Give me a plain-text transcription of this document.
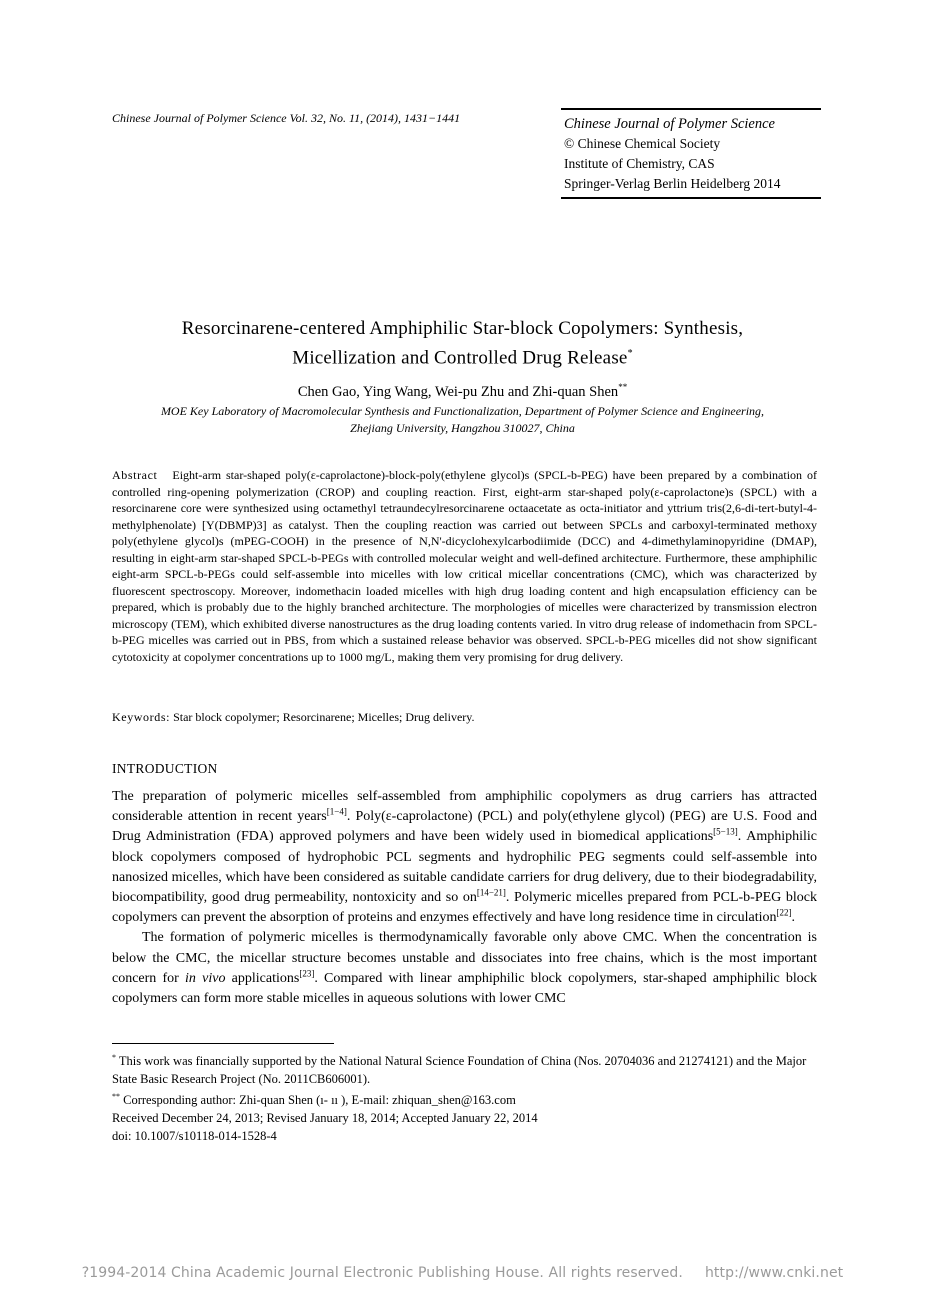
Chinese Journal of Polymer Science Vol. 32, No. 11, (2014), 1431−1441	Chinese Journal of Polymer Science
© Chinese Chemical Society
Institute of Chemistry, CAS
Springer-Verlag Berlin Heidelberg 2014
Resorcinarene-centered Amphiphilic Star-block Copolymers: Synthesis,
Micellization and Controlled Drug Release*
Chen Gao, Ying Wang, Wei-pu Zhu and Zhi-quan Shen**
MOE Key Laboratory of Macromolecular Synthesis and Functionalization, Department of Polymer Science and Engineering,
Zhejiang University, Hangzhou 310027, China
Abstract Eight-arm star-shaped poly(ε-caprolactone)-block-poly(ethylene glycol)s (SPCL-b-PEG) have been prepared by a combination of controlled ring-opening polymerization (CROP) and coupling reaction. First, eight-arm star-shaped poly(ε-caprolactone)s (SPCL) with a resorcinarene core were synthesized using octamethyl tetraundecylresorcinarene octaacetate as octa-initiator and yttrium tris(2,6-di-tert-butyl-4-methylphenolate) [Y(DBMP)3] as catalyst. Then the coupling reaction was carried out between SPCLs and carboxyl-terminated methoxy poly(ethylene glycol)s (mPEG-COOH) in the presence of N,N'-dicyclohexylcarbodiimide (DCC) and 4-dimethylaminopyridine (DMAP), resulting in eight-arm star-shaped SPCL-b-PEGs with controlled molecular weight and well-defined architecture. Furthermore, these amphiphilic eight-arm SPCL-b-PEGs could self-assemble into micelles with low critical micellar concentrations (CMC), which was characterized by fluorescent spectroscopy. Moreover, indomethacin loaded micelles with high drug loading content and high encapsulation efficiency can be prepared, which is probably due to the highly branched architecture. The morphologies of micelles were characterized by transmission electron microscopy (TEM), which exhibited diverse nanostructures as the drug loading contents varied. In vitro drug release of indomethacin from SPCL-b-PEG micelles was carried out in PBS, from which a sustained release behavior was observed. SPCL-b-PEG micelles did not show significant cytotoxicity at copolymer concentrations up to 1000 mg/L, making them very promising for drug delivery.
Keywords: Star block copolymer; Resorcinarene; Micelles; Drug delivery.
INTRODUCTION

The preparation of polymeric micelles self-assembled from amphiphilic copolymers as drug carriers has attracted considerable attention in recent years[1−4]. Poly(ε-caprolactone) (PCL) and poly(ethylene glycol) (PEG) are U.S. Food and Drug Administration (FDA) approved polymers and have been widely used in biomedical applications[5−13]. Amphiphilic block copolymers composed of hydrophobic PCL segments and hydrophilic PEG segments could self-assemble into nanosized micelles, which have been considered as suitable candidate carriers for drug delivery, due to their biodegradability, biocompatibility, good drug permeability, nontoxicity and so on[14−21]. Polymeric micelles prepared from PCL-b-PEG block copolymers can prevent the absorption of proteins and enzymes effectively and have long residence time in circulation[22].

The formation of polymeric micelles is thermodynamically favorable only above CMC. When the concentration is below the CMC, the micellar structure becomes unstable and dissociates into free chains, which is the most important concern for in vivo applications[23]. Compared with linear amphiphilic block copolymers, star-shaped amphiphilic block copolymers can form more stable micelles in aqueous solutions with lower CMC

* This work was financially supported by the National Natural Science Foundation of China (Nos. 20704036 and 21274121) and the Major State Basic Research Project (No. 2011CB606001).

** Corresponding author: Zhi-quan Shen (ı- ıı ), E-mail: zhiquan_shen@163.com

Received December 24, 2013; Revised January 18, 2014; Accepted January 22, 2014

doi: 10.1007/s10118-014-1528-4

?1994-2014 China Academic Journal Electronic Publishing House. All rights reserved. http://www.cnki.net
